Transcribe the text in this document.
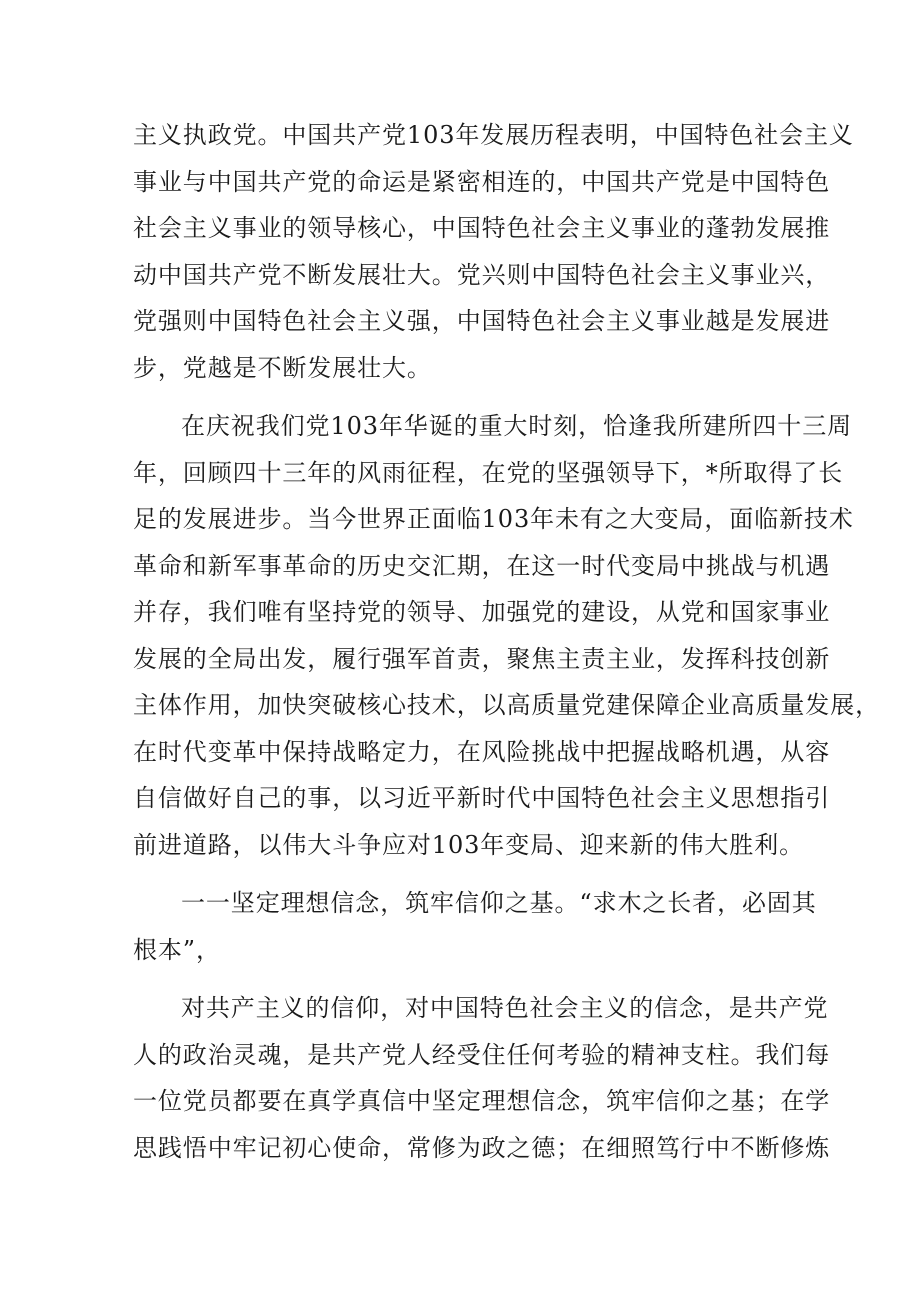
主义执政党。中国共产党103年发展历程表明，中国特色社会主义
事业与中国共产党的命运是紧密相连的，中国共产党是中国特色
社会主义事业的领导核心，中国特色社会主义事业的蓬勃发展推
动中国共产党不断发展壮大。党兴则中国特色社会主义事业兴，
党强则中国特色社会主义强，中国特色社会主义事业越是发展进
步，党越是不断发展壮大。
在庆祝我们党103年华诞的重大时刻，恰逢我所建所四十三周
年，回顾四十三年的风雨征程，在党的坚强领导下，*所取得了长
足的发展进步。当今世界正面临103年未有之大变局，面临新技术
革命和新军事革命的历史交汇期，在这一时代变局中挑战与机遇
并存，我们唯有坚持党的领导、加强党的建设，从党和国家事业
发展的全局出发，履行强军首责，聚焦主责主业，发挥科技创新
主体作用，加快突破核心技术，以高质量党建保障企业高质量发展，
在时代变革中保持战略定力，在风险挑战中把握战略机遇，从容
自信做好自己的事，以习近平新时代中国特色社会主义思想指引
前进道路，以伟大斗争应对103年变局、迎来新的伟大胜利。
一一坚定理想信念，筑牢信仰之基。“求木之长者，必固其
根本”，
对共产主义的信仰，对中国特色社会主义的信念，是共产党
人的政治灵魂，是共产党人经受住任何考验的精神支柱。我们每
一位党员都要在真学真信中坚定理想信念，筑牢信仰之基；在学
思践悟中牢记初心使命，常修为政之德；在细照笃行中不断修炼
